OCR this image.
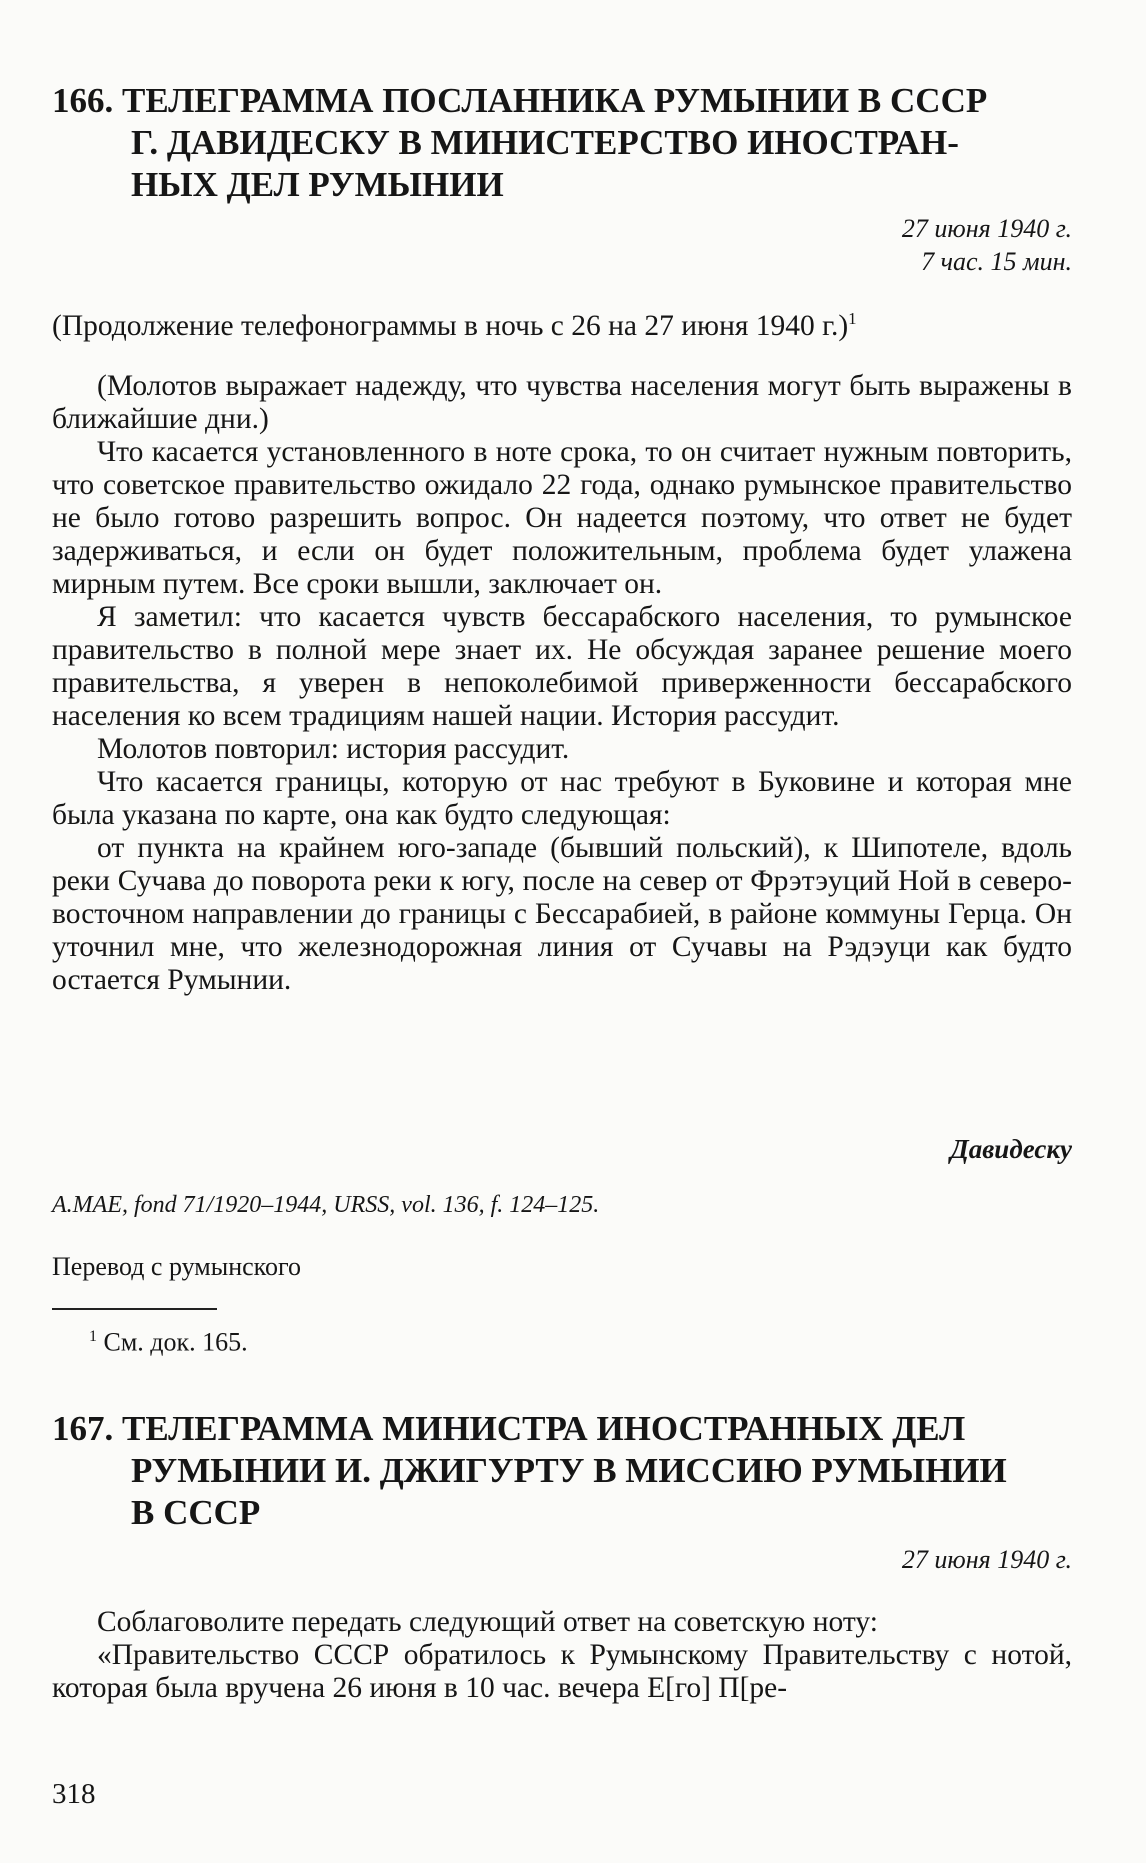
166. ТЕЛЕГРАММА ПОСЛАННИКА РУМЫНИИ В СССР
Г. ДАВИДЕСКУ В МИНИСТЕРСТВО ИНОСТРАН-
НЫХ ДЕЛ РУМЫНИИ
27 июня 1940 г.
7 час. 15 мин.

(Продолжение телефонограммы в ночь с 26 на 27 июня 1940 г.)$^1$

(Молотов выражает надежду, что чувства населения могут быть выражены в ближайшие дни.)

Что касается установленного в ноте срока, то он считает нужным повторить, что советское правительство ожидало 22 года, однако румынское правительство не было готово разрешить вопрос. Он надеется поэтому, что ответ не будет задерживаться, и если он будет положительным, проблема будет улажена мирным путем. Все сроки вышли, заключает он.

Я заметил: что касается чувств бессарабского населения, то румынское правительство в полной мере знает их. Не обсуждая заранее решение моего правительства, я уверен в непоколебимой приверженности бессарабского населения ко всем традициям нашей нации. История рассудит.

Молотов повторил: история рассудит.

Что касается границы, которую от нас требуют в Буковине и которая мне была указана по карте, она как будто следующая:

от пункта на крайнем юго-западе (бывший польский), к Шипотеле, вдоль реки Сучава до поворота реки к югу, после на север от Фрэтэуций Ной в северо-восточном направлении до границы с Бессарабией, в районе коммуны Герца. Он уточнил мне, что железнодорожная линия от Сучавы на Рэдэуци как будто остается Румынии.

Давидеску
A.MAE, fond 71/1920–1944, URSS, vol. 136, f. 124–125.
Перевод с румынского
$^1$ См. док. 165.
167. ТЕЛЕГРАММА МИНИСТРА ИНОСТРАННЫХ ДЕЛ
РУМЫНИИ И. ДЖИГУРТУ В МИССИЮ РУМЫНИИ
В СССР
27 июня 1940 г.

Соблаговолите передать следующий ответ на советскую ноту:

«Правительство СССР обратилось к Румынскому Правительству с нотой, которая была вручена 26 июня в 10 час. вечера Е[го] П[ре-

318
